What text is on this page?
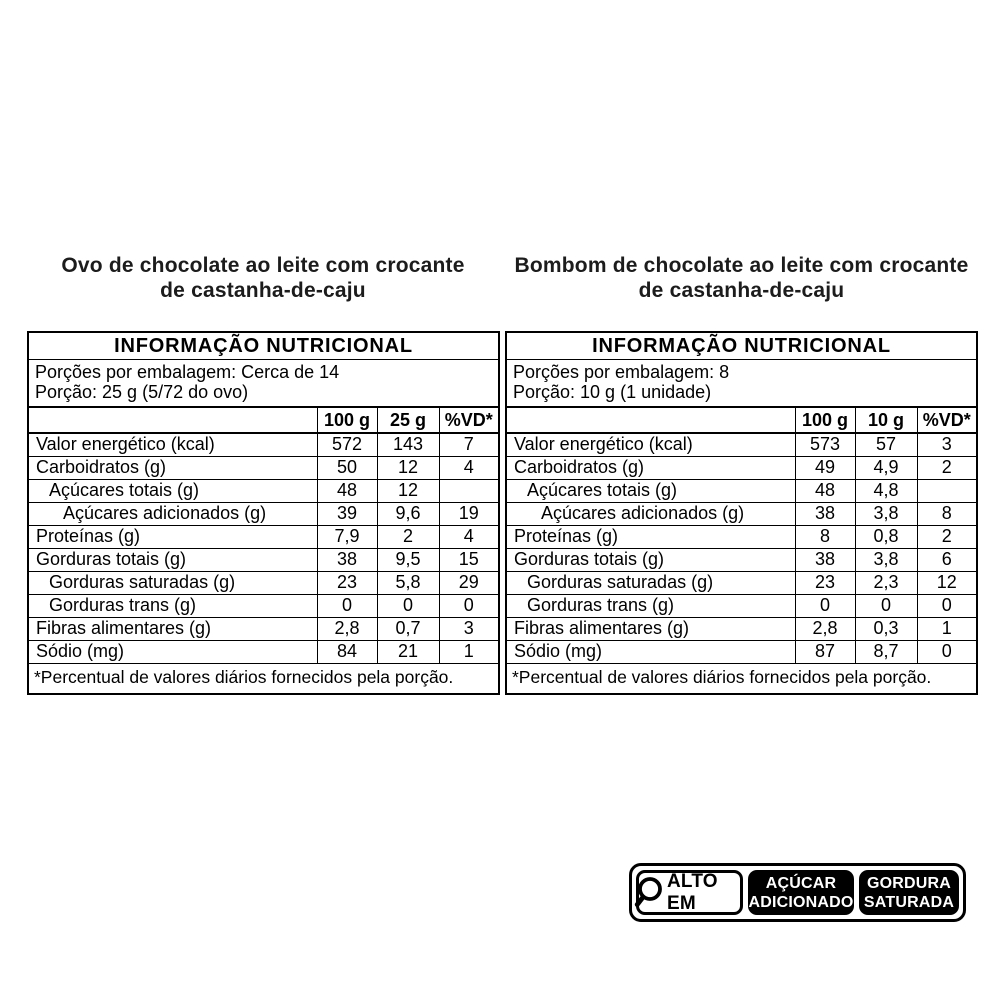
Ovo de chocolate ao leite com crocante
de castanha-de-caju
INFORMAÇÃO NUTRICIONAL			

Porções por embalagem: Cerca de 14
Porção: 25 g (5/72 do ovo)			

	100 g	25 g	%VD*
Valor energético (kcal)	572	143	7
Carboidratos (g)	50	12	4
Açúcares totais (g)	48	12	
Açúcares adicionados (g)	39	9,6	19
Proteínas (g)	7,9	2	4
Gorduras totais (g)	38	9,5	15
Gorduras saturadas (g)	23	5,8	29
Gorduras trans (g)	0	0	0
Fibras alimentares (g)	2,8	0,7	3
Sódio (mg)	84	21	1
*Percentual de valores diários fornecidos pela porção.			
Bombom de chocolate ao leite com crocante
de castanha-de-caju
INFORMAÇÃO NUTRICIONAL			

Porções por embalagem: 8
Porção: 10 g (1 unidade)			

	100 g	10 g	%VD*
Valor energético (kcal)	573	57	3
Carboidratos (g)	49	4,9	2
Açúcares totais (g)	48	4,8	
Açúcares adicionados (g)	38	3,8	8
Proteínas (g)	8	0,8	2
Gorduras totais (g)	38	3,8	6
Gorduras saturadas (g)	23	2,3	12
Gorduras trans (g)	0	0	0
Fibras alimentares (g)	2,8	0,3	1
Sódio (mg)	87	8,7	0
*Percentual de valores diários fornecidos pela porção.			
ALTO EM
AÇÚCAR
ADICIONADO
GORDURA
SATURADA
